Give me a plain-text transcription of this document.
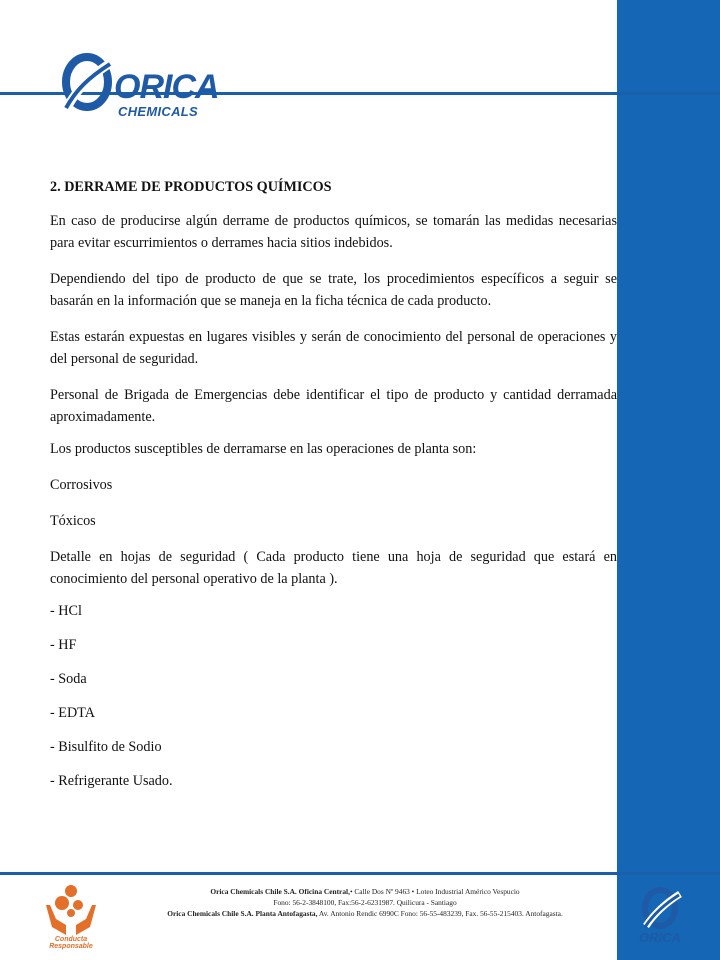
ORICA
CHEMICALS

2. DERRAME DE PRODUCTOS QUÍMICOS

En caso de producirse algún derrame de productos químicos, se tomarán las medidas necesarias para evitar escurrimientos o derrames hacia sitios indebidos.

Dependiendo del tipo de producto de que se trate, los procedimientos específicos a seguir se basarán en la información que se maneja en la ficha técnica de cada producto.

Estas estarán expuestas en lugares visibles y serán de conocimiento del personal de operaciones y del personal de seguridad.

Personal de Brigada de Emergencias debe identificar el tipo de producto y cantidad derramada aproximadamente.

Los productos susceptibles de derramarse en las operaciones de planta son:

Corrosivos

Tóxicos

Detalle en hojas de seguridad ( Cada producto tiene una hoja de seguridad que estará en conocimiento del personal operativo de la planta ).

- HCl

- HF

- Soda

- EDTA

- Bisulfito de Sodio

- Refrigerante Usado.

Conducta Responsable
Orica Chemicals Chile S.A. Oficina Central,• Calle Dos Nº 9463 • Loteo Industrial Américo Vespucio
Fono: 56-2-3848100, Fax:56-2-6231987. Quilicura - Santiago
Orica Chemicals Chile S.A. Planta Antofagasta, Av. Antonio Rendic 6990C Fono: 56-55-483239, Fax. 56-55-215403. Antofagasta.
ORICA
